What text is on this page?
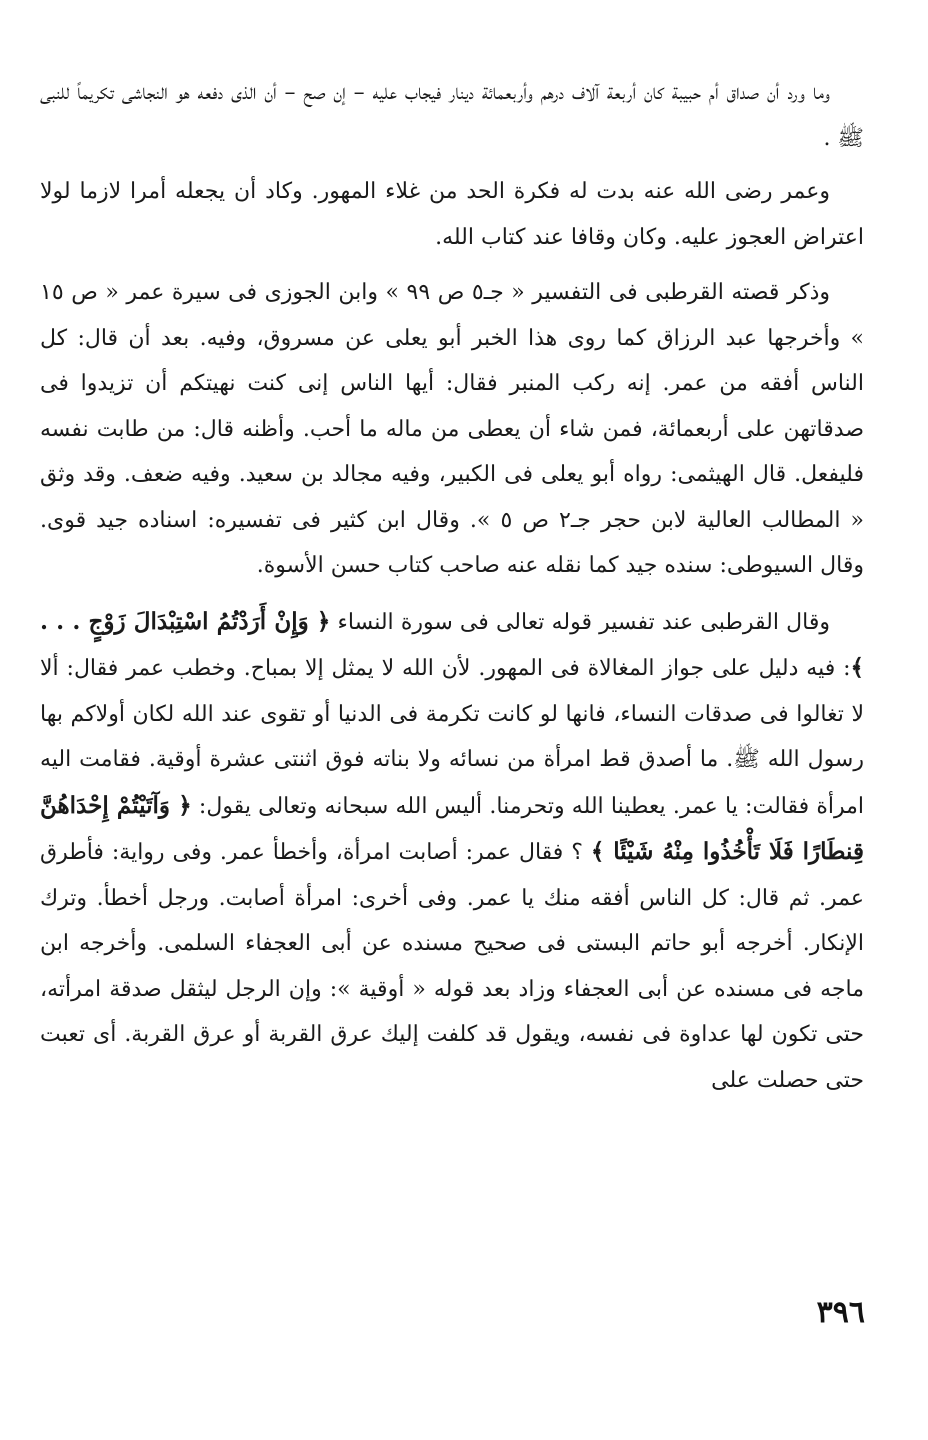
وما ورد أن صداق أم حبيبة كان أربعة آلاف درهم وأربعمائة دينار فيجاب عليه – إن صح – أن الذى دفعه هو النجاشى تكريماً للنبى ﷺ .

وعمر رضى الله عنه بدت له فكرة الحد من غلاء المهور. وكاد أن يجعله أمرا لازما لولا اعتراض العجوز عليه. وكان وقافا عند كتاب الله.

وذكر قصته القرطبى فى التفسير « جـ٥ ص ٩٩ » وابن الجوزى فى سيرة عمر « ص ١٥ » وأخرجها عبد الرزاق كما روى هذا الخبر أبو يعلى عن مسروق، وفيه. بعد أن قال: كل الناس أفقه من عمر. إنه ركب المنبر فقال: أيها الناس إنى كنت نهيتكم أن تزيدوا فى صدقاتهن على أربعمائة، فمن شاء أن يعطى من ماله ما أحب. وأظنه قال: من طابت نفسه فليفعل. قال الهيثمى: رواه أبو يعلى فى الكبير، وفيه مجالد بن سعيد. وفيه ضعف. وقد وثق « المطالب العالية لابن حجر جـ٢ ص ٥ ». وقال ابن كثير فى تفسيره: اسناده جيد قوى. وقال السيوطى: سنده جيد كما نقله عنه صاحب كتاب حسن الأسوة.

وقال القرطبى عند تفسير قوله تعالى فى سورة النساء ﴿ وَإِنْ أَرَدْتُمُ اسْتِبْدَالَ زَوْجٍ . . . ﴾: فيه دليل على جواز المغالاة فى المهور. لأن الله لا يمثل إلا بمباح. وخطب عمر فقال: ألا لا تغالوا فى صدقات النساء، فانها لو كانت تكرمة فى الدنيا أو تقوى عند الله لكان أولاكم بها رسول الله ﷺ. ما أصدق قط امرأة من نسائه ولا بناته فوق اثنتى عشرة أوقية. فقامت اليه امرأة فقالت: يا عمر. يعطينا الله وتحرمنا. أليس الله سبحانه وتعالى يقول: ﴿ وَآتَيْتُمْ إِحْدَاهُنَّ قِنطَارًا فَلَا تَأْخُذُوا مِنْهُ شَيْئًا ﴾ ؟ فقال عمر: أصابت امرأة، وأخطأ عمر. وفى رواية: فأطرق عمر. ثم قال: كل الناس أفقه منك يا عمر. وفى أخرى: امرأة أصابت. ورجل أخطأ. وترك الإنكار. أخرجه أبو حاتم البستى فى صحيح مسنده عن أبى العجفاء السلمى. وأخرجه ابن ماجه فى مسنده عن أبى العجفاء وزاد بعد قوله « أوقية »: وإن الرجل ليثقل صدقة امرأته، حتى تكون لها عداوة فى نفسه، ويقول قد كلفت إليك عرق القربة أو عرق القربة. أى تعبت حتى حصلت على

٣٩٦
